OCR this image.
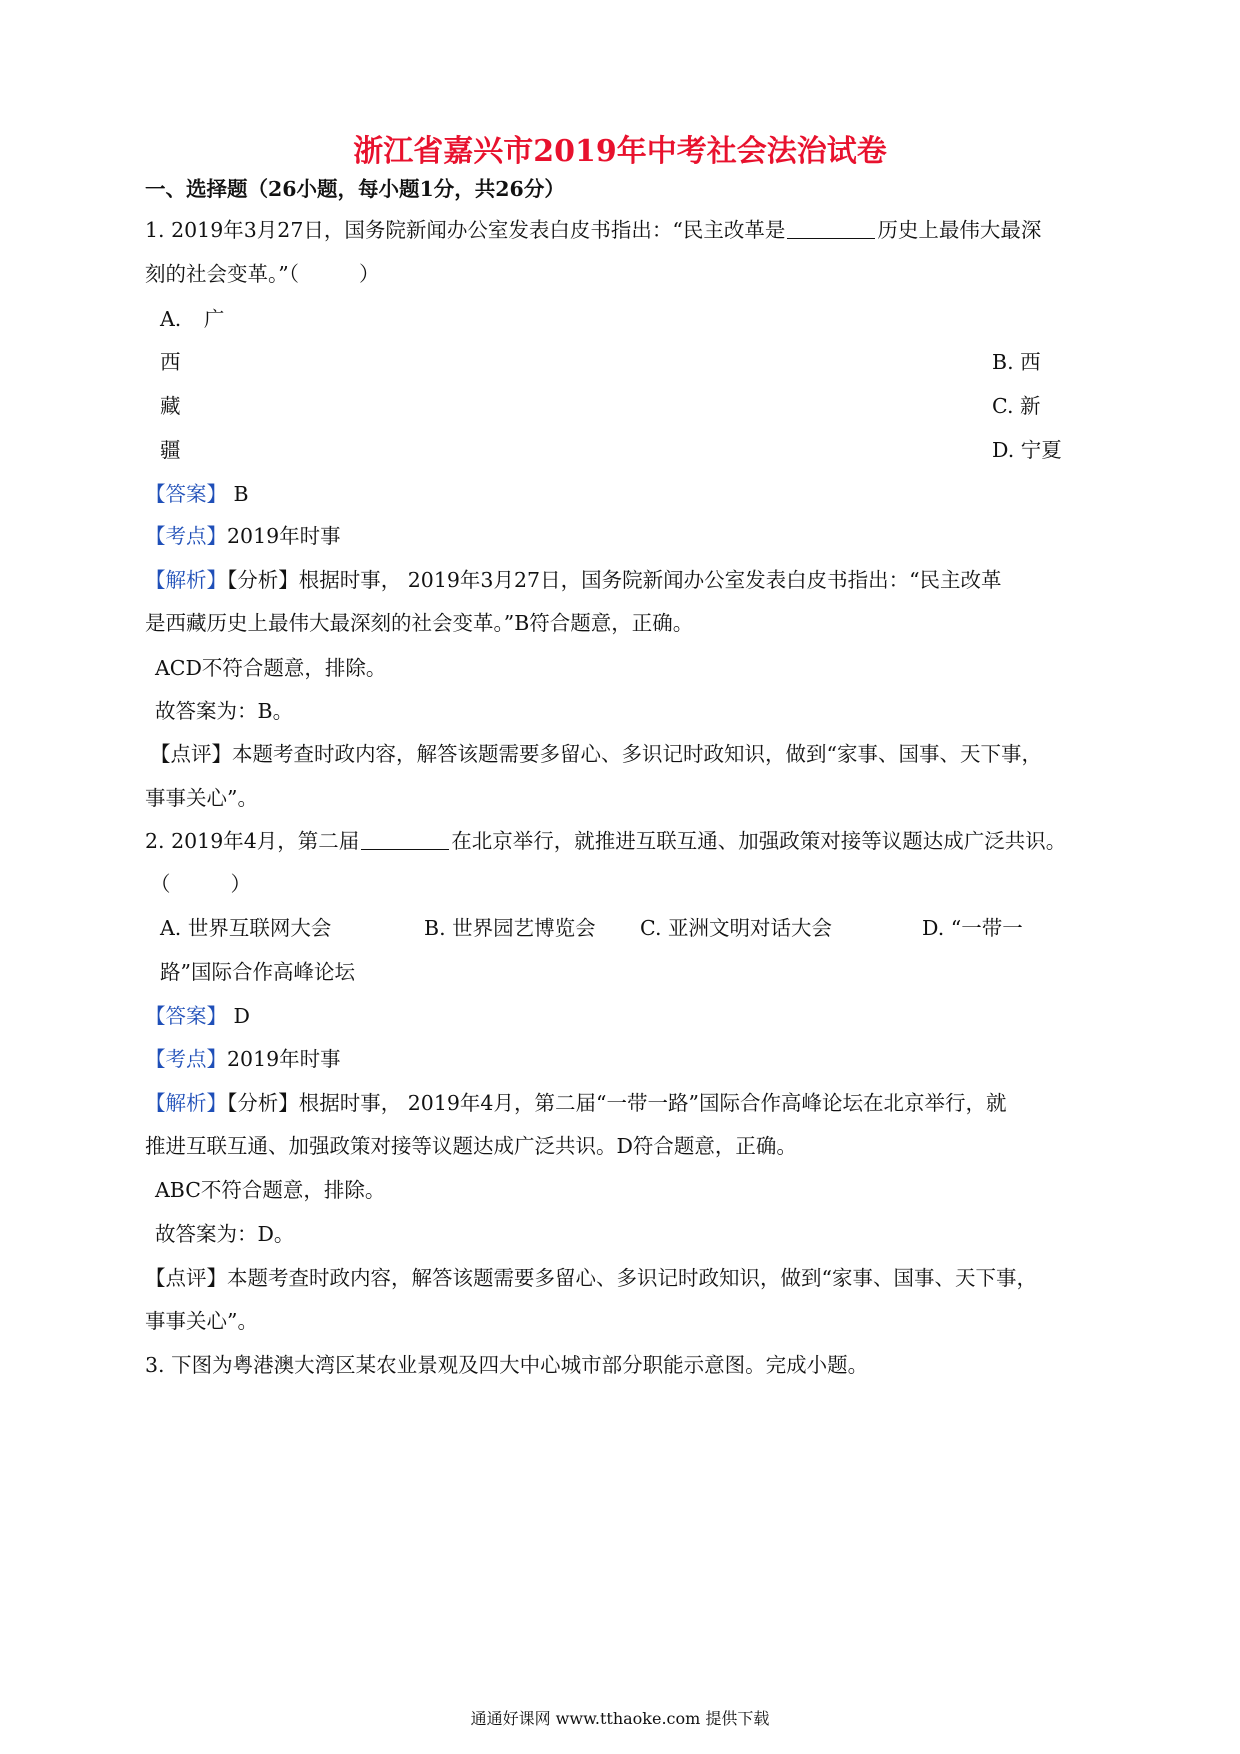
浙江省嘉兴市2019年中考社会法治试卷
一、选择题（26小题，每小题1分，共26分）
1. 2019年3月27日，国务院新闻办公室发表白皮书指出：“民主改革是	历史上最伟大最深
刻的社会变革。”（	）
A. 广
西	B. 西
藏	C. 新
疆	D. 宁夏
【答案】 B
【考点】2019年时事
【解析】【分析】根据时事， 2019年3月27日，国务院新闻办公室发表白皮书指出：“民主改革
是西藏历史上最伟大最深刻的社会变革。”B符合题意，正确。
ACD不符合题意，排除。
故答案为：B。
【点评】本题考查时政内容，解答该题需要多留心、多识记时政知识，做到“家事、国事、天下事，
事事关心”。
2. 2019年4月，第二届	在北京举行，就推进互联互通、加强政策对接等议题达成广泛共识。
（	）
A. 世界互联网大会	B. 世界园艺博览会 C. 亚洲文明对话大会	D. “一带一
路”国际合作高峰论坛
【答案】 D
【考点】2019年时事
【解析】【分析】根据时事， 2019年4月，第二届“一带一路”国际合作高峰论坛在北京举行，就
推进互联互通、加强政策对接等议题达成广泛共识。D符合题意，正确。
ABC不符合题意，排除。
故答案为：D。
【点评】本题考查时政内容，解答该题需要多留心、多识记时政知识，做到“家事、国事、天下事，
事事关心”。
3. 下图为粤港澳大湾区某农业景观及四大中心城市部分职能示意图。完成小题。
通通好课网 www.tthaoke.com 提供下载
